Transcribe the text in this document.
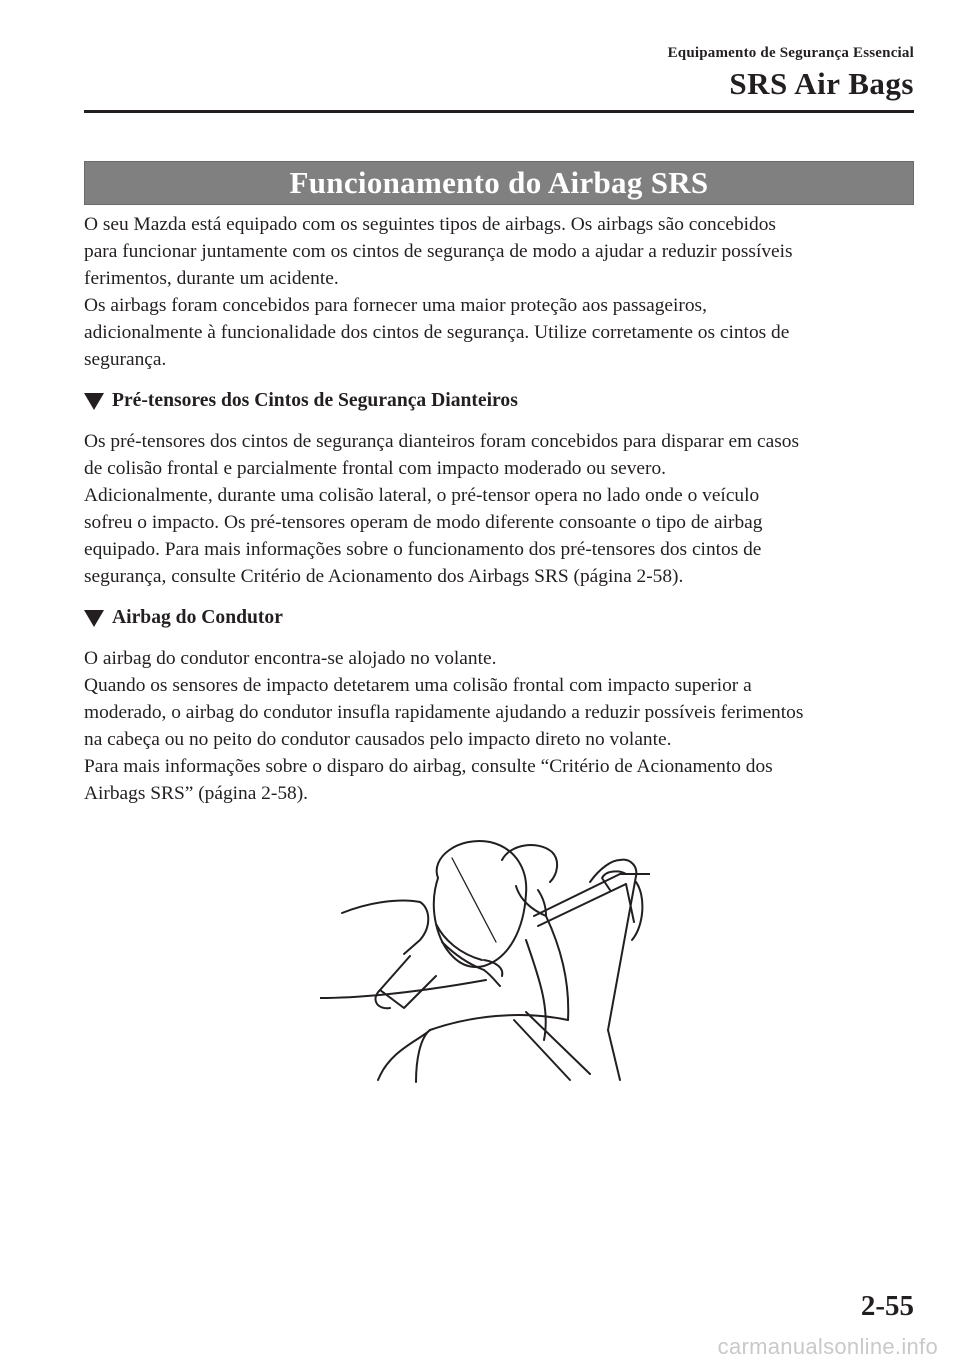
Equipamento de Segurança Essencial
SRS Air Bags
Funcionamento do Airbag SRS

O seu Mazda está equipado com os seguintes tipos de airbags. Os airbags são concebidos
para funcionar juntamente com os cintos de segurança de modo a ajudar a reduzir possíveis
ferimentos, durante um acidente.

Os airbags foram concebidos para fornecer uma maior proteção aos passageiros,
adicionalmente à funcionalidade dos cintos de segurança. Utilize corretamente os cintos de
segurança.

Pré-tensores dos Cintos de Segurança Dianteiros

Os pré-tensores dos cintos de segurança dianteiros foram concebidos para disparar em casos
de colisão frontal e parcialmente frontal com impacto moderado ou severo.

Adicionalmente, durante uma colisão lateral, o pré-tensor opera no lado onde o veículo
sofreu o impacto. Os pré-tensores operam de modo diferente consoante o tipo de airbag
equipado. Para mais informações sobre o funcionamento dos pré-tensores dos cintos de
segurança, consulte Critério de Acionamento dos Airbags SRS (página 2-58).

Airbag do Condutor

O airbag do condutor encontra-se alojado no volante.

Quando os sensores de impacto detetarem uma colisão frontal com impacto superior a
moderado, o airbag do condutor insufla rapidamente ajudando a reduzir possíveis ferimentos
na cabeça ou no peito do condutor causados pelo impacto direto no volante.

Para mais informações sobre o disparo do airbag, consulte “Critério de Acionamento dos
Airbags SRS” (página 2-58).

2-55
carmanualsonline.info
